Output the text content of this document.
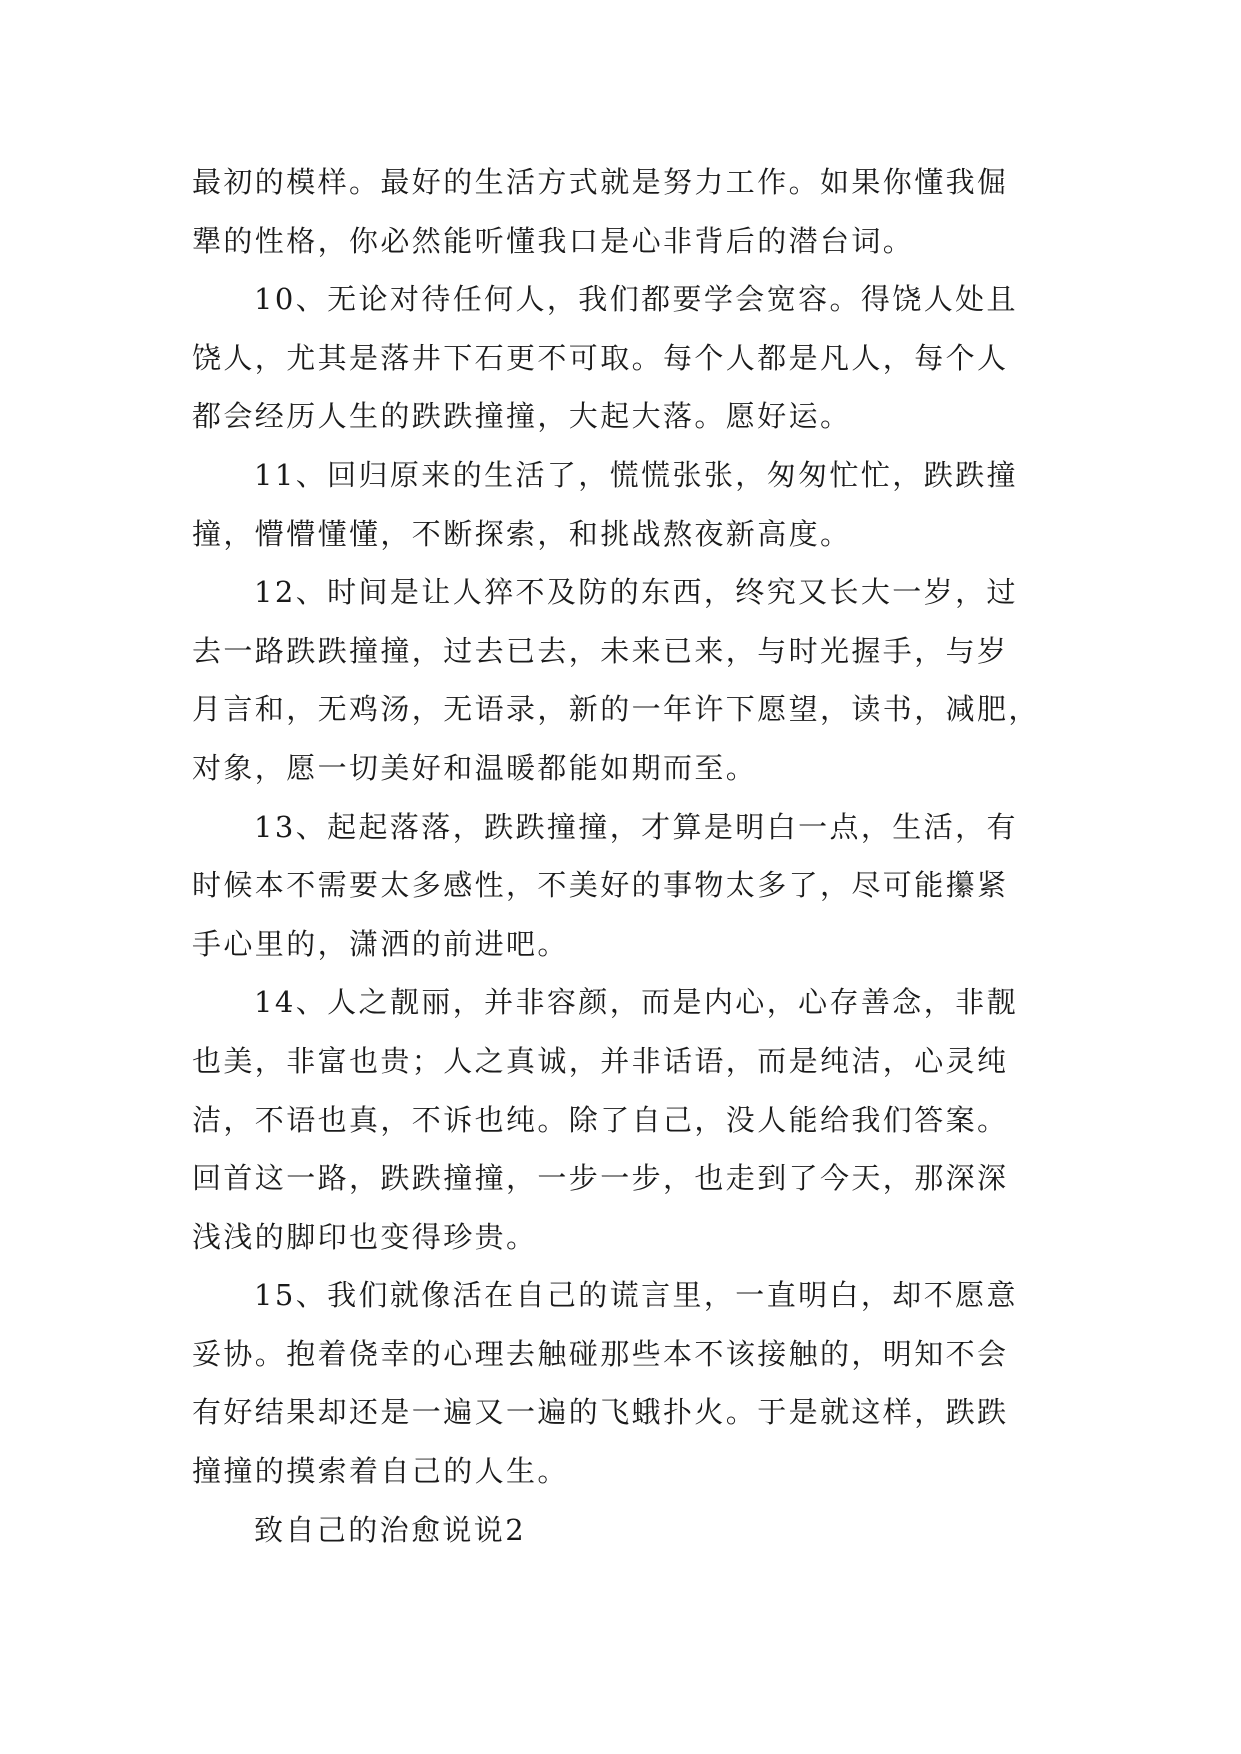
最初的模样。最好的生活方式就是努力工作。如果你懂我倔
犟的性格，你必然能听懂我口是心非背后的潜台词。
10、无论对待任何人，我们都要学会宽容。得饶人处且
饶人，尤其是落井下石更不可取。每个人都是凡人，每个人
都会经历人生的跌跌撞撞，大起大落。愿好运。
11、回归原来的生活了，慌慌张张，匆匆忙忙，跌跌撞
撞，懵懵懂懂，不断探索，和挑战熬夜新高度。
12、时间是让人猝不及防的东西，终究又长大一岁，过
去一路跌跌撞撞，过去已去，未来已来，与时光握手，与岁
月言和，无鸡汤，无语录，新的一年许下愿望，读书，减肥，
对象，愿一切美好和温暖都能如期而至。
13、起起落落，跌跌撞撞，才算是明白一点，生活，有
时候本不需要太多感性，不美好的事物太多了，尽可能攥紧
手心里的，潇洒的前进吧。
14、人之靓丽，并非容颜，而是内心，心存善念，非靓
也美，非富也贵；人之真诚，并非话语，而是纯洁，心灵纯
洁，不语也真，不诉也纯。除了自己，没人能给我们答案。
回首这一路，跌跌撞撞，一步一步，也走到了今天，那深深
浅浅的脚印也变得珍贵。
15、我们就像活在自己的谎言里，一直明白，却不愿意
妥协。抱着侥幸的心理去触碰那些本不该接触的，明知不会
有好结果却还是一遍又一遍的飞蛾扑火。于是就这样，跌跌
撞撞的摸索着自己的人生。
致自己的治愈说说2
